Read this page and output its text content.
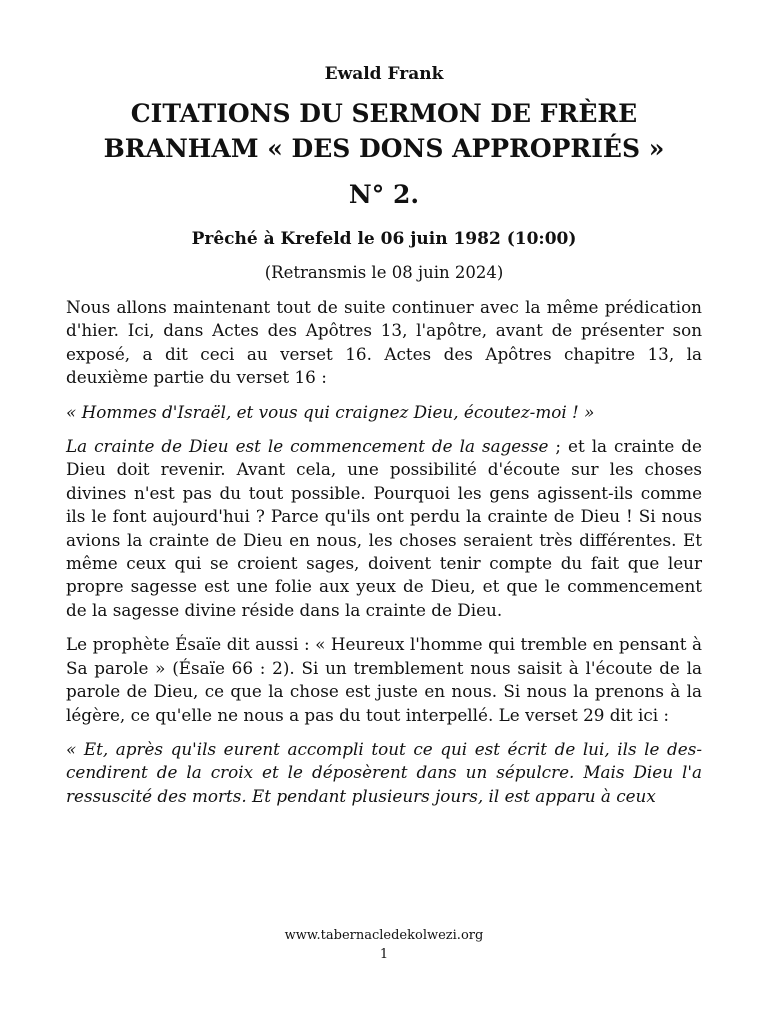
Ewald Frank
CITATIONS DU SERMON DE FRÈRE
BRANHAM « DES DONS APPROPRIÉS »
N° 2.
Prêché à Krefeld le 06 juin 1982 (10:00)
(Retransmis le 08 juin 2024)

Nous allons maintenant tout de suite continuer avec la même prédication d'hier. Ici, dans Actes des Apôtres 13, l'apôtre, avant de présenter son exposé, a dit ceci au verset 16. Actes des Apôtres chapitre 13, la deuxième partie du verset 16 :

« Hommes d'Israël, et vous qui craignez Dieu, écoutez-moi ! »

La crainte de Dieu est le commencement de la sagesse ; et la crainte de Dieu doit revenir. Avant cela, une possibilité d'écoute sur les choses divines n'est pas du tout possible. Pourquoi les gens agissent-ils comme ils le font aujourd'hui ? Parce qu'ils ont perdu la crainte de Dieu ! Si nous avions la crainte de Dieu en nous, les choses seraient très différentes. Et même ceux qui se croient sages, doivent tenir compte du fait que leur propre sagesse est une folie aux yeux de Dieu, et que le commencement de la sagesse divine réside dans la crainte de Dieu.

Le prophète Ésaïe dit aussi : « Heureux l'homme qui tremble en pensant à Sa parole » (Ésaïe 66 : 2). Si un tremblement nous saisit à l'écoute de la parole de Dieu, ce que la chose est juste en nous. Si nous la prenons à la légère, ce qu'elle ne nous a pas du tout interpellé. Le verset 29 dit ici :

« Et, après qu'ils eurent accompli tout ce qui est écrit de lui, ils le descendirent de la croix et le déposèrent dans un sépulcre. Mais Dieu l'a ressuscité des morts. Et pendant plusieurs jours, il est apparu à ceux

www.tabernacledekolwezi.org
1
